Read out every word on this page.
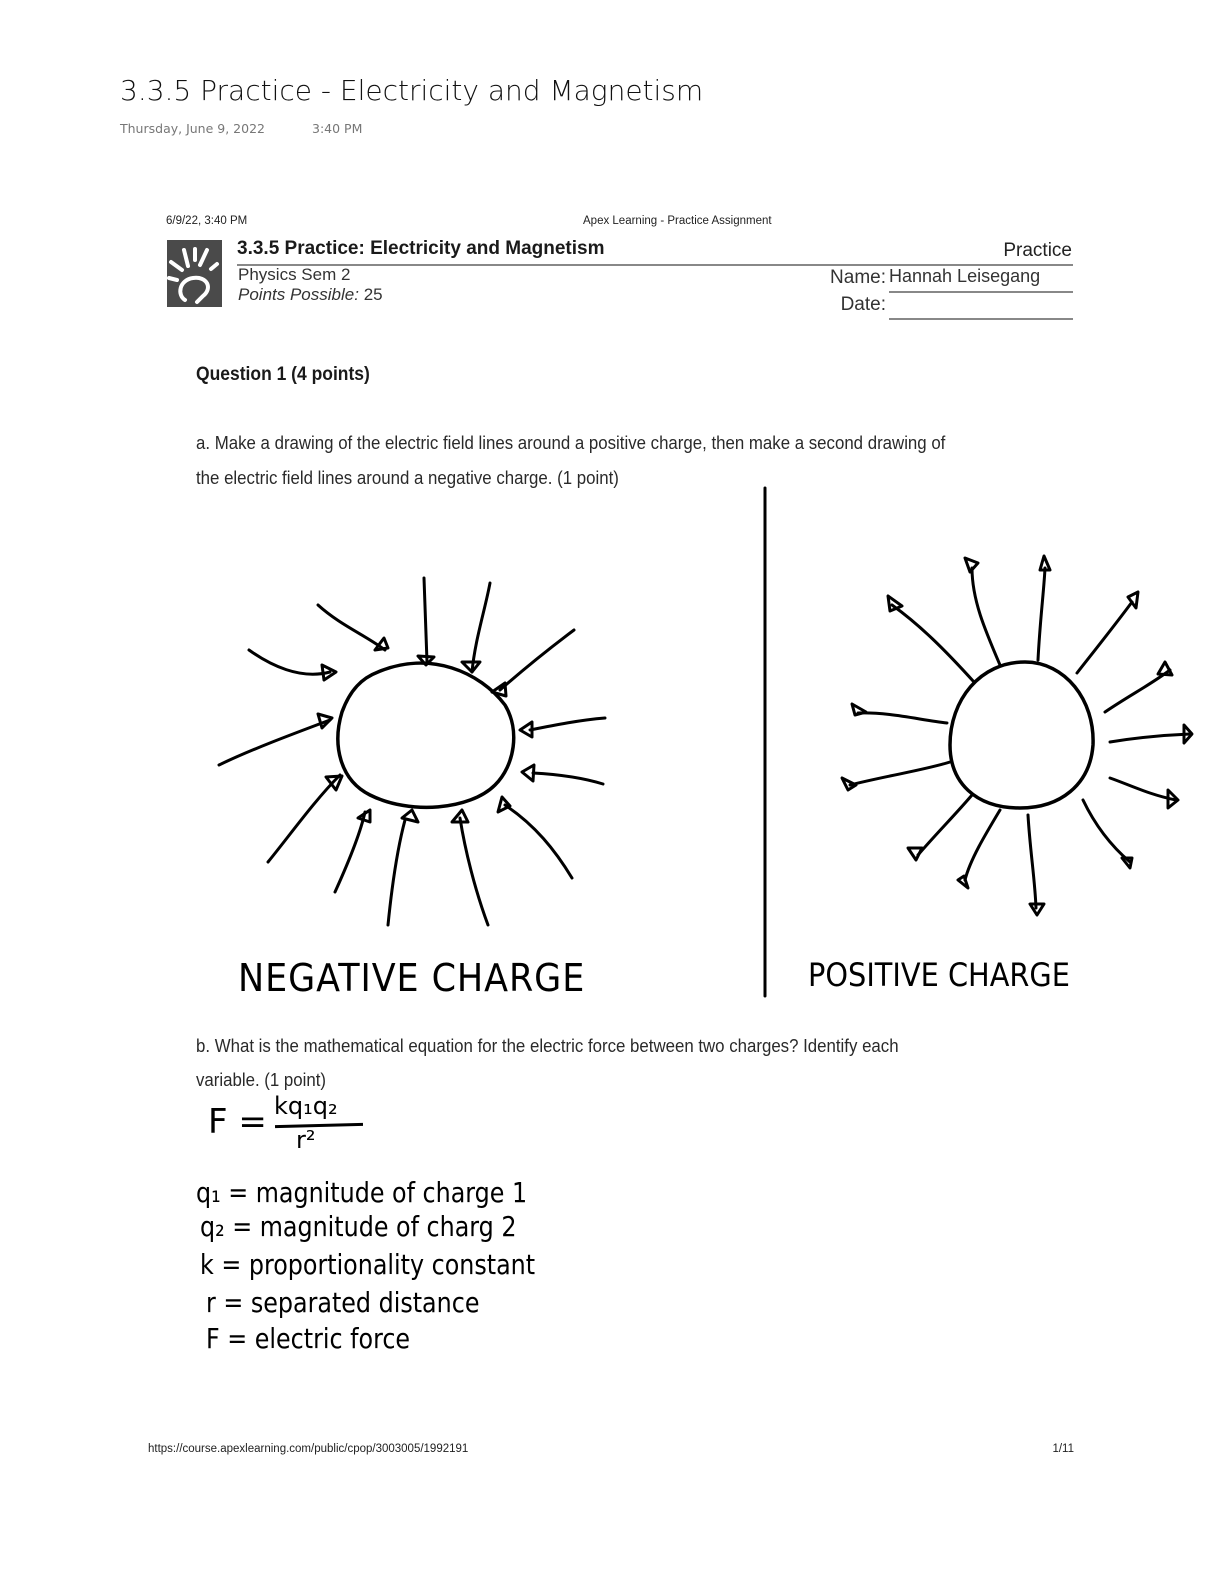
3.3.5 Practice - Electricity and Magnetism
Thursday, June 9, 2022	3:40 PM
6/9/22, 3:40 PM	Apex Learning - Practice Assignment
3.3.5 Practice: Electricity and Magnetism	Practice
Physics Sem 2
Points Possible: 25
Name: Hannah Leisegang
Date:
Question 1 (4 points)
a. Make a drawing of the electric field lines around a positive charge, then make a second drawing of
the electric field lines around a negative charge. (1 point)
NEGATIVE CHARGE	POSITIVE CHARGE
b. What is the mathematical equation for the electric force between two charges? Identify each
variable. (1 point)
F = kq₁q₂
r²
q₁ = magnitude of charge 1
q₂ = magnitude of charg 2
k = proportionality constant
r = separated distance
F = electric force
https://course.apexlearning.com/public/cpop/3003005/1992191	1/11
